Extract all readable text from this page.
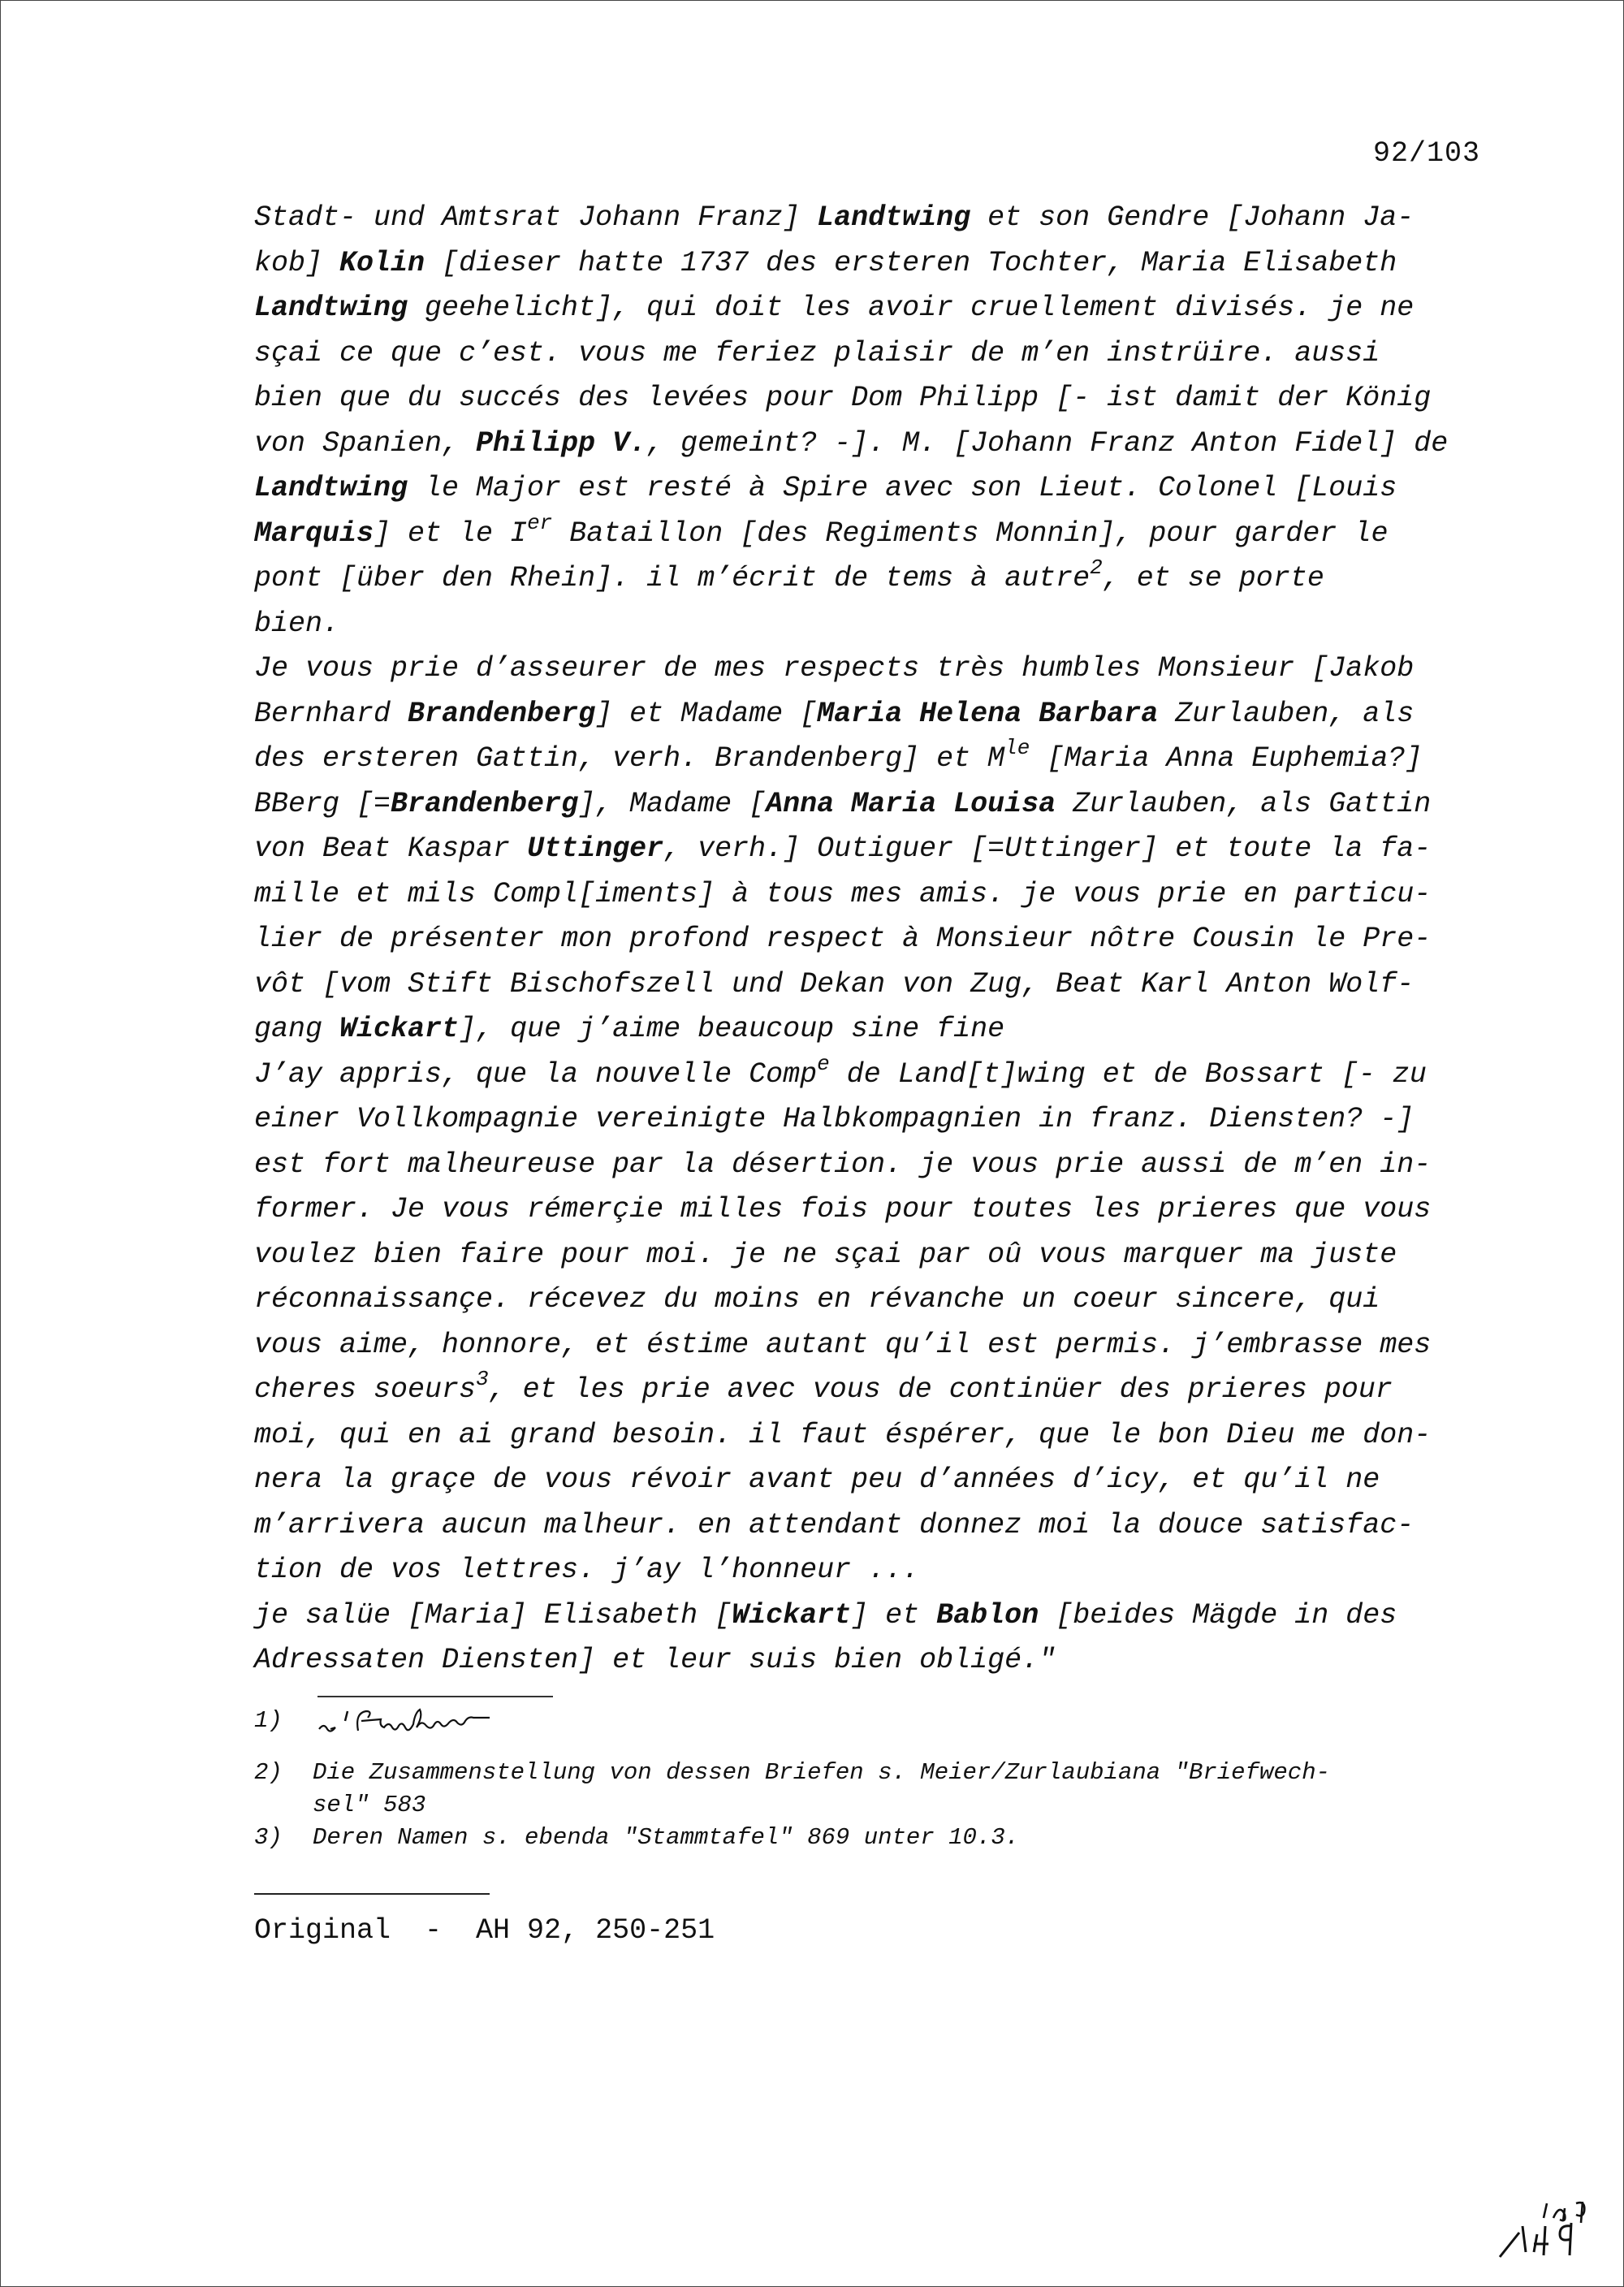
92/103
Stadt- und Amtsrat Johann Franz] Landtwing et son Gendre [Johann Ja-
kob] Kolin [dieser hatte 1737 des ersteren Tochter, Maria Elisabeth
Landtwing geehelicht], qui doit les avoir cruellement divisés. je ne
sçai ce que c’est. vous me feriez plaisir de m’en instrüire. aussi
bien que du succés des levées pour Dom Philipp [- ist damit der König
von Spanien, Philipp V., gemeint? -]. M. [Johann Franz Anton Fidel] de
Landtwing le Major est resté à Spire avec son Lieut. Colonel [Louis
Marquis] et le Ier Bataillon [des Regiments Monnin], pour garder le
pont [über den Rhein]. il m’écrit de tems à autre$^2$, et se porte
bien.
Je vous prie d’asseurer de mes respects très humbles Monsieur [Jakob
Bernhard Brandenberg] et Madame [Maria Helena Barbara Zurlauben, als
des ersteren Gattin, verh. Brandenberg] et $M^{le}$ [Maria Anna Euphemia?]
BBerg [=Brandenberg], Madame [Anna Maria Louisa Zurlauben, als Gattin
von Beat Kaspar Uttinger, verh.] Outiguer [=Uttinger] et toute la fa-
mille et mils Compl[iments] à tous mes amis. je vous prie en particu-
lier de présenter mon profond respect à Monsieur nôtre Cousin le Pre-
vôt [vom Stift Bischofszell und Dekan von Zug, Beat Karl Anton Wolf-
gang Wickart], que j’aime beaucoup sine fine
J’ay appris, que la nouvelle Comp$^e$ de Land[t]wing et de Bossart [- zu
einer Vollkompagnie vereinigte Halbkompagnien in franz. Diensten? -]
est fort malheureuse par la désertion. je vous prie aussi de m’en in-
former. Je vous rémerçie milles fois pour toutes les prieres que vous
voulez bien faire pour moi. je ne sçai par oû vous marquer ma juste
réconnaissançe. récevez du moins en révanche un coeur sincere, qui
vous aime, honnore, et éstime autant qu’il est permis. j’embrasse mes
cheres soeurs$^3$, et les prie avec vous de continüer des prieres pour
moi, qui en ai grand besoin. il faut éspérer, que le bon Dieu me don-
nera la graçe de vous révoir avant peu d’années d’icy, et qu’il ne
m’arrivera aucun malheur. en attendant donnez moi la douce satisfac-
tion de vos lettres. j’ay l’honneur ...
je salüe [Maria] Elisabeth [Wickart] et Bablon [beides Mägde in des
Adressaten Diensten] et leur suis bien obligé."
1)
2) Die Zusammenstellung von dessen Briefen s. Meier/Zurlaubiana "Briefwech-
sel" 583
3) Deren Namen s. ebenda "Stammtafel" 869 unter 10.3.
Original  -  AH 92, 250-251
